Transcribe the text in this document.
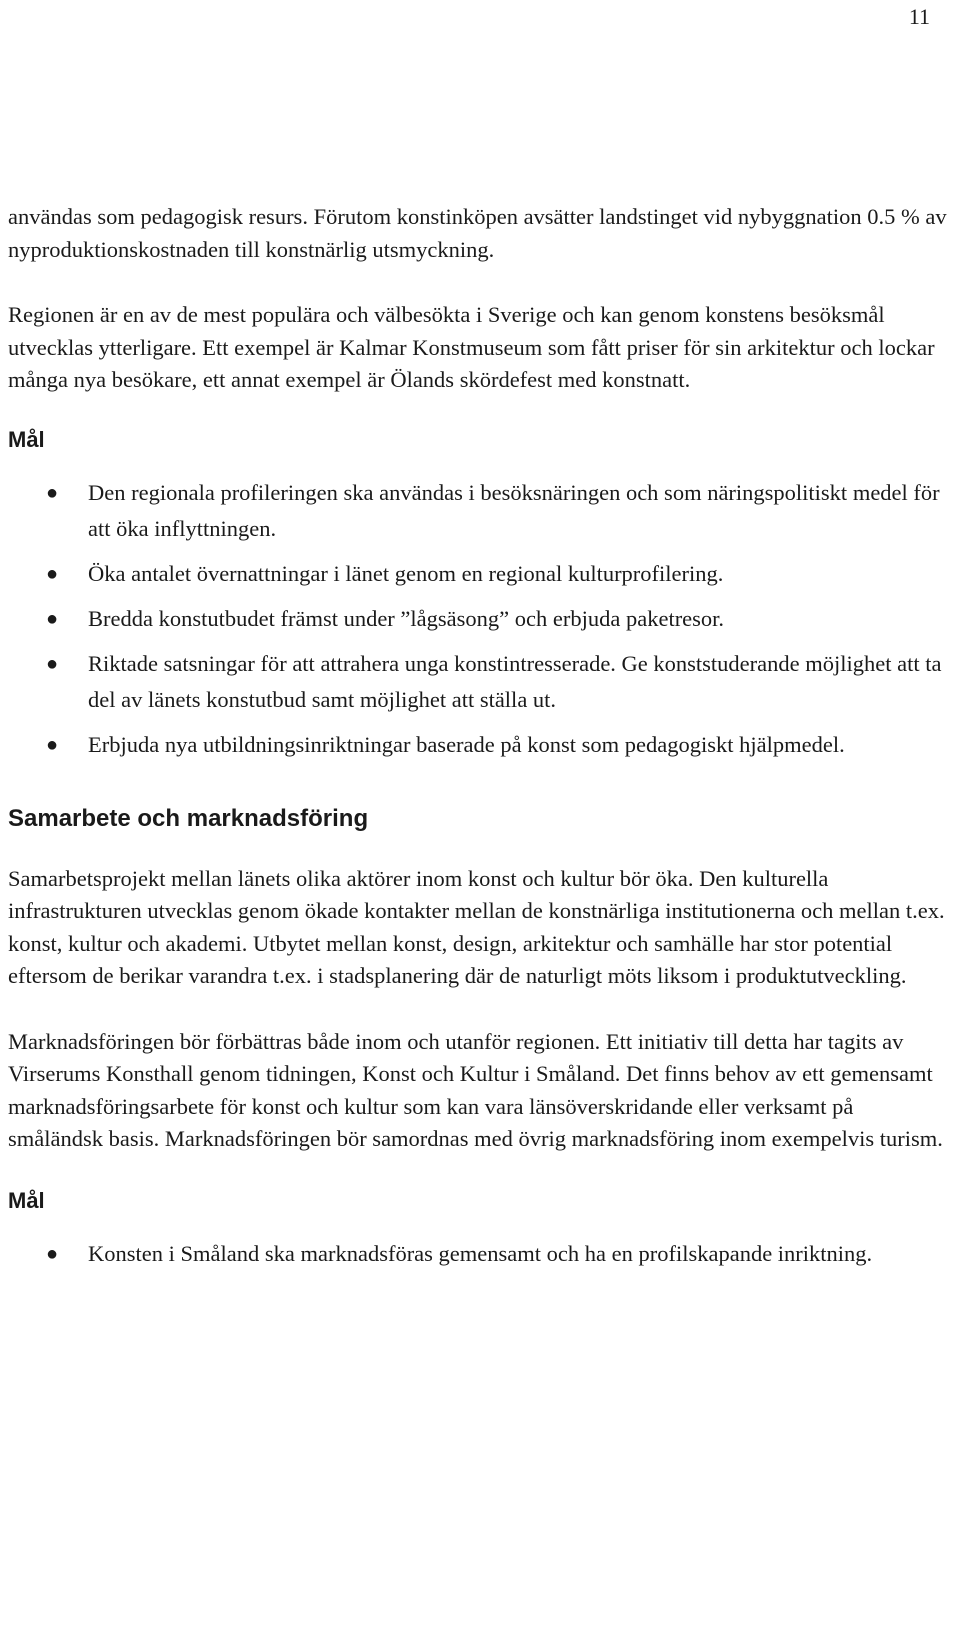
11

användas som pedagogisk resurs. Förutom konstinköpen avsätter landstinget vid nybyggnation 0.5 % av nyproduktionskostnaden till konstnärlig utsmyckning.

Regionen är en av de mest populära och välbesökta i Sverige och kan genom konstens besöksmål utvecklas ytterligare. Ett exempel är Kalmar Konstmuseum som fått priser för sin arkitektur och lockar många nya besökare, ett annat exempel är Ölands skördefest med konstnatt.

Mål
● Den regionala profileringen ska användas i besöksnäringen och som näringspolitiskt medel för att öka inflyttningen.
● Öka antalet övernattningar i länet genom en regional kulturprofilering.
● Bredda konstutbudet främst under ”lågsäsong” och erbjuda paketresor.
● Riktade satsningar för att attrahera unga konstintresserade. Ge konststuderande möjlighet att ta del av länets konstutbud samt möjlighet att ställa ut.
● Erbjuda nya utbildningsinriktningar baserade på konst som pedagogiskt hjälpmedel.
Samarbete och marknadsföring

Samarbetsprojekt mellan länets olika aktörer inom konst och kultur bör öka. Den kulturella infrastrukturen utvecklas genom ökade kontakter mellan de konstnärliga institutionerna och mellan t.ex. konst, kultur och akademi. Utbytet mellan konst, design, arkitektur och samhälle har stor potential eftersom de berikar varandra t.ex. i stadsplanering där de naturligt möts liksom i produktutveckling.

Marknadsföringen bör förbättras både inom och utanför regionen. Ett initiativ till detta har tagits av Virserums Konsthall genom tidningen, Konst och Kultur i Småland. Det finns behov av ett gemensamt marknadsföringsarbete för konst och kultur som kan vara länsöverskridande eller verksamt på småländsk basis. Marknadsföringen bör samordnas med övrig marknadsföring inom exempelvis turism.

Mål
● Konsten i Småland ska marknadsföras gemensamt och ha en profilskapande inriktning.
